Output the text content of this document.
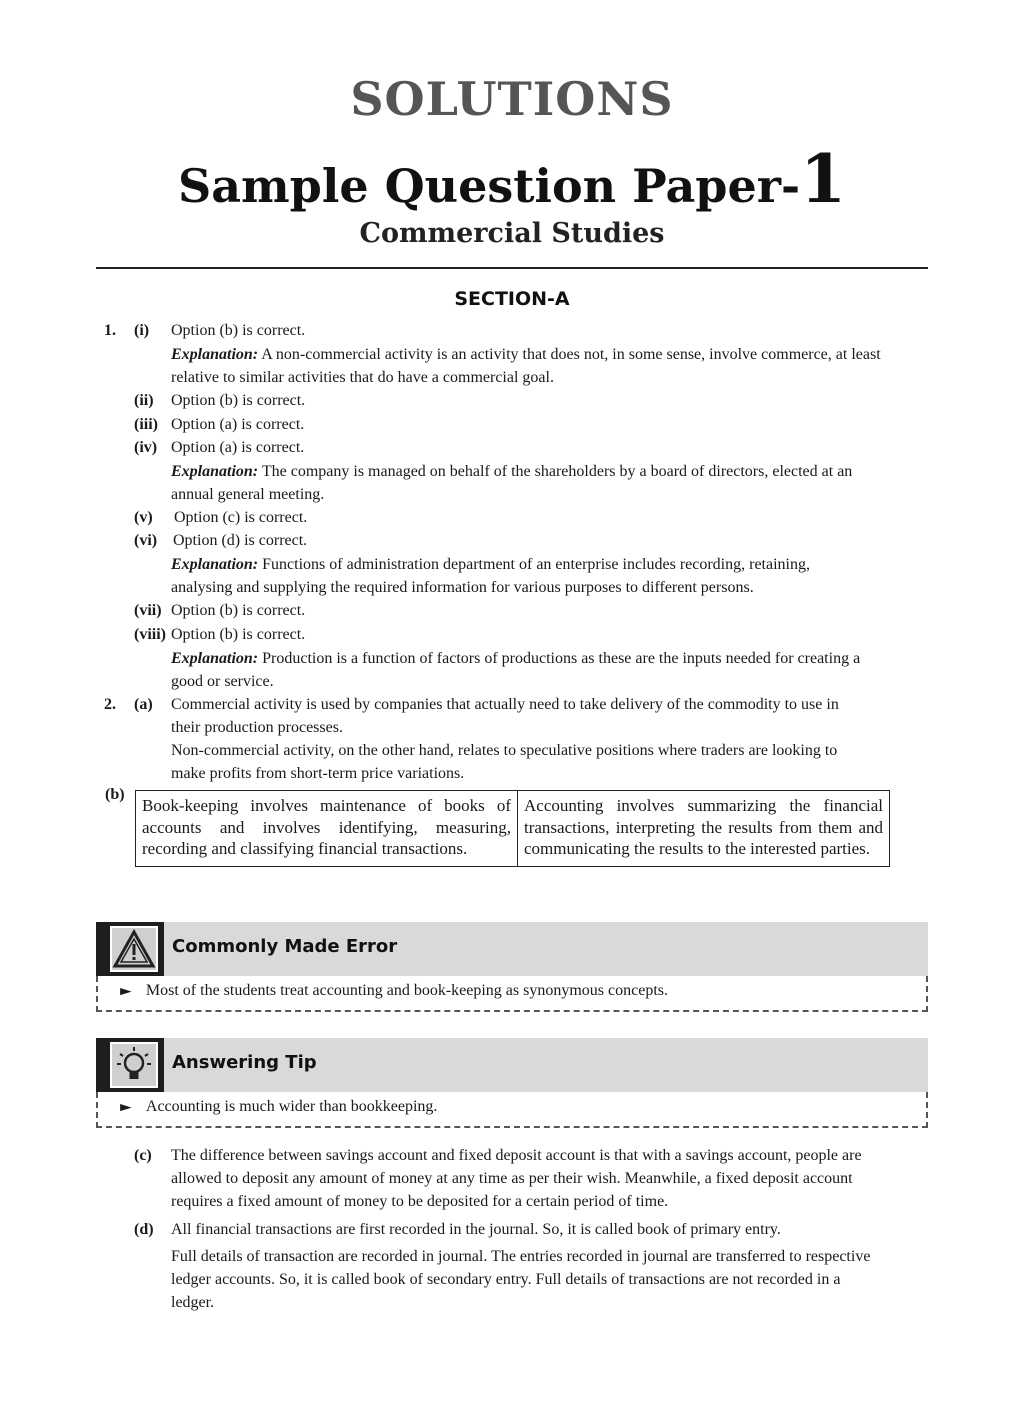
SOLUTIONS
Sample Question Paper-1
Commercial Studies
SECTION-A
1. (i) Option (b) is correct.
Explanation: A non-commercial activity is an activity that does not, in some sense, involve commerce, at least
relative to similar activities that do have a commercial goal.
(ii) Option (b) is correct.
(iii) Option (a) is correct.
(iv) Option (a) is correct.
Explanation: The company is managed on behalf of the shareholders by a board of directors, elected at an
annual general meeting.
(v) Option (c) is correct.
(vi) Option (d) is correct.
Explanation: Functions of administration department of an enterprise includes recording, retaining,
analysing and supplying the required information for various purposes to different persons.
(vii) Option (b) is correct.
(viii) Option (b) is correct.
Explanation: Production is a function of factors of productions as these are the inputs needed for creating a
good or service.
2. (a) Commercial activity is used by companies that actually need to take delivery of the commodity to use in
their production processes.
Non-commercial activity, on the other hand, relates to speculative positions where traders are looking to
make profits from short-term price variations.
(b)
Book-keeping involves maintenance of books of accounts and involves identifying, measuring, recording and classifying financial transactions.	Accounting involves summarizing the financial transactions, interpreting the results from them and communicating the results to the interested parties.
Commonly Made Error
► Most of the students treat accounting and book-keeping as synonymous concepts.
Answering Tip
► Accounting is much wider than bookkeeping.
(c) The difference between savings account and fixed deposit account is that with a savings account, people are
allowed to deposit any amount of money at any time as per their wish. Meanwhile, a fixed deposit account
requires a fixed amount of money to be deposited for a certain period of time.
(d) All financial transactions are first recorded in the journal. So, it is called book of primary entry.
Full details of transaction are recorded in journal. The entries recorded in journal are transferred to respective
ledger accounts. So, it is called book of secondary entry. Full details of transactions are not recorded in a
ledger.
